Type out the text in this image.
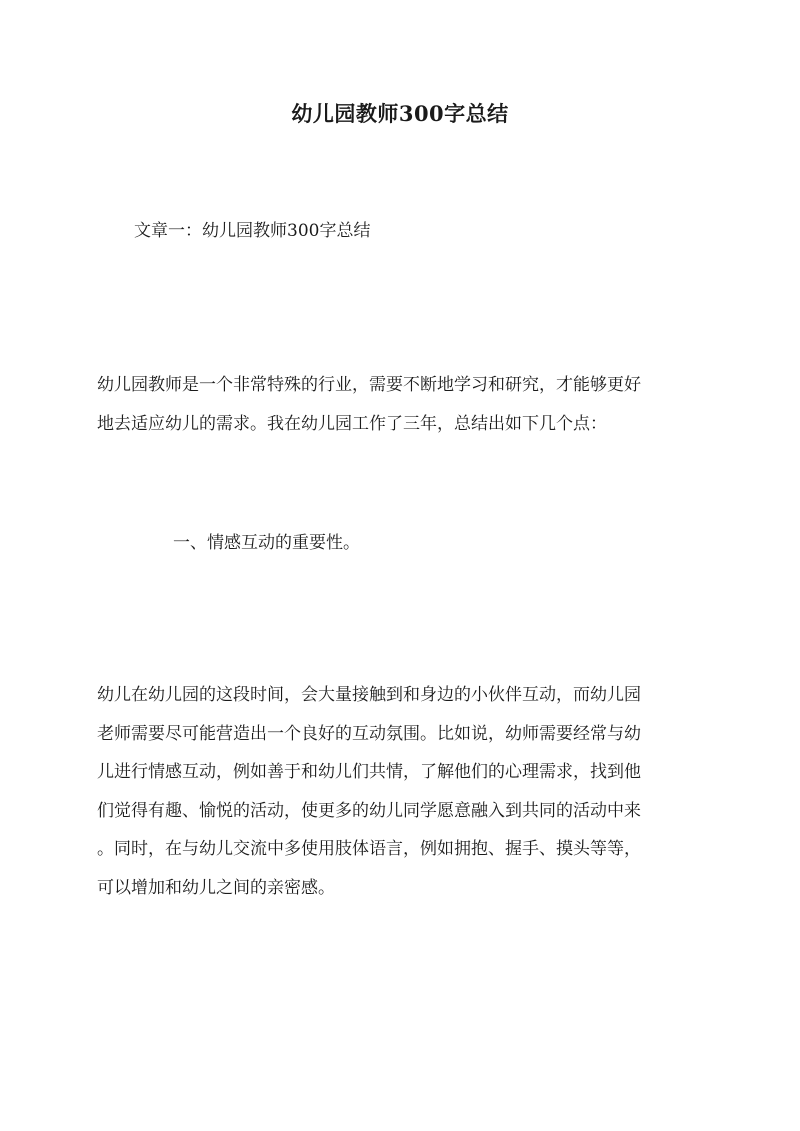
幼儿园教师300字总结

文章一：幼儿园教师300字总结

幼儿园教师是一个非常特殊的行业，需要不断地学习和研究，才能够更好
地去适应幼儿的需求。我在幼儿园工作了三年，总结出如下几个点：

一、情感互动的重要性。

幼儿在幼儿园的这段时间，会大量接触到和身边的小伙伴互动，而幼儿园
老师需要尽可能营造出一个良好的互动氛围。比如说，幼师需要经常与幼
儿进行情感互动，例如善于和幼儿们共情，了解他们的心理需求，找到他
们觉得有趣、愉悦的活动，使更多的幼儿同学愿意融入到共同的活动中来
。同时，在与幼儿交流中多使用肢体语言，例如拥抱、握手、摸头等等，
可以增加和幼儿之间的亲密感。
